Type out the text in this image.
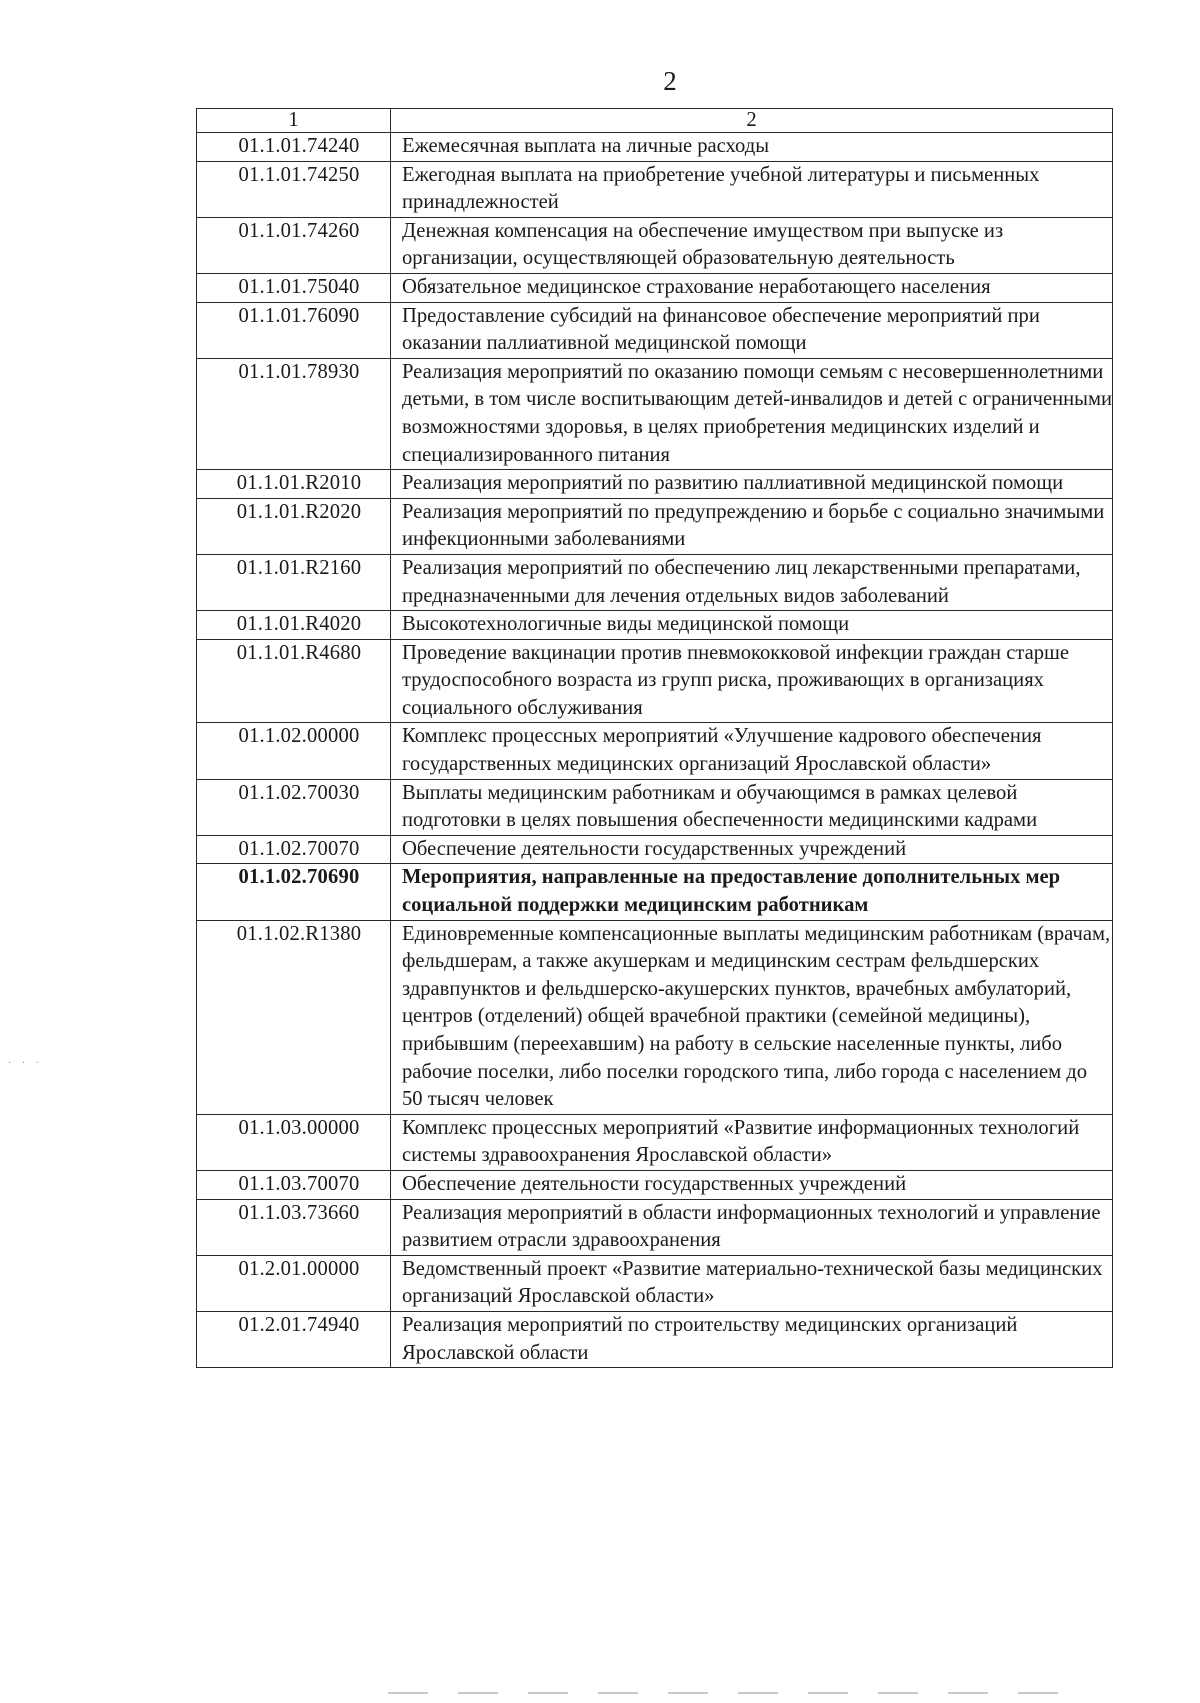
2
1	2
01.1.01.74240	Ежемесячная выплата на личные расходы
01.1.01.74250	Ежегодная выплата на приобретение учебной литературы и письменных принадлежностей
01.1.01.74260	Денежная компенсация на обеспечение имуществом при выпуске из организации, осуществляющей образовательную деятельность
01.1.01.75040	Обязательное медицинское страхование неработающего населения
01.1.01.76090	Предоставление субсидий на финансовое обеспечение мероприятий при оказании паллиативной медицинской помощи
01.1.01.78930	Реализация мероприятий по оказанию помощи семьям с несовершеннолетними детьми, в том числе воспитывающим детей-инвалидов и детей с ограниченными возможностями здоровья, в целях приобретения медицинских изделий и специализированного питания
01.1.01.R2010	Реализация мероприятий по развитию паллиативной медицинской помощи
01.1.01.R2020	Реализация мероприятий по предупреждению и борьбе с социально значимыми инфекционными заболеваниями
01.1.01.R2160	Реализация мероприятий по обеспечению лиц лекарственными препаратами, предназначенными для лечения отдельных видов заболеваний
01.1.01.R4020	Высокотехнологичные виды медицинской помощи
01.1.01.R4680	Проведение вакцинации против пневмококковой инфекции граждан старше трудоспособного возраста из групп риска, проживающих в организациях социального обслуживания
01.1.02.00000	Комплекс процессных мероприятий «Улучшение кадрового обеспечения государственных медицинских организаций Ярославской области»
01.1.02.70030	Выплаты медицинским работникам и обучающимся в рамках целевой подготовки в целях повышения обеспеченности медицинскими кадрами
01.1.02.70070	Обеспечение деятельности государственных учреждений
01.1.02.70690	Мероприятия, направленные на предоставление дополнительных мер социальной поддержки медицинским работникам
01.1.02.R1380	Единовременные компенсационные выплаты медицинским работникам (врачам, фельдшерам, а также акушеркам и медицинским сестрам фельдшерских здравпунктов и фельдшерско-акушерских пунктов, врачебных амбулаторий, центров (отделений) общей врачебной практики (семейной медицины), прибывшим (переехавшим) на работу в сельские населенные пункты, либо рабочие поселки, либо поселки городского типа, либо города с населением до 50 тысяч человек
01.1.03.00000	Комплекс процессных мероприятий «Развитие информационных технологий системы здравоохранения Ярославской области»
01.1.03.70070	Обеспечение деятельности государственных учреждений
01.1.03.73660	Реализация мероприятий в области информационных технологий и управление развитием отрасли здравоохранения
01.2.01.00000	Ведомственный проект «Развитие материально-технической базы медицинских организаций Ярославской области»
01.2.01.74940	Реализация мероприятий по строительству медицинских организаций Ярославской области
· · ·
